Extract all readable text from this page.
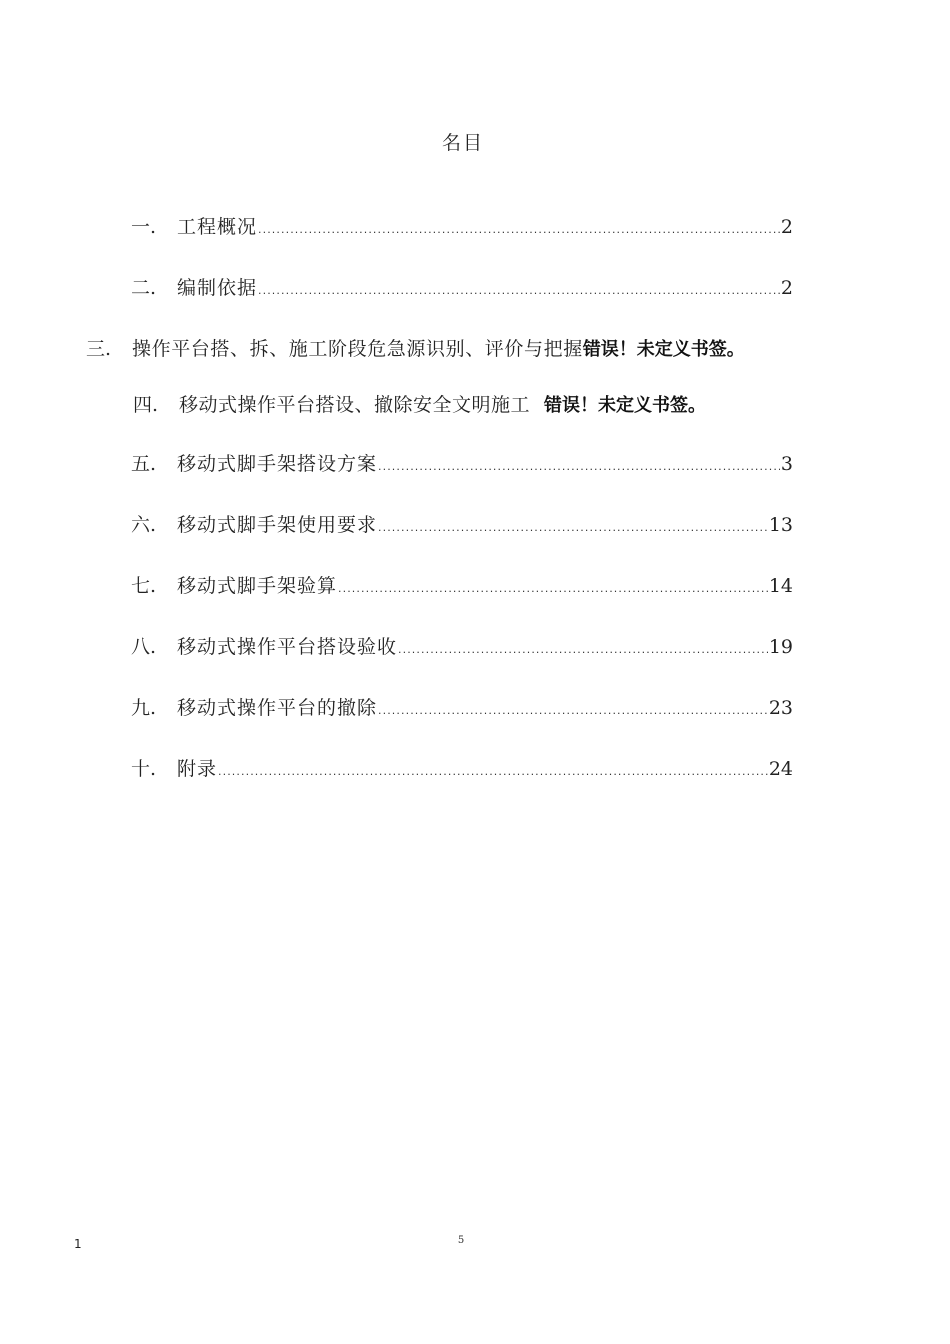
名目
一.	工程概况 .....	2
二.	编制依据 .....	2
三.	操作平台搭、拆、施工阶段危急源识别、评价与把握 错误！未定义书签。
四.	移动式操作平台搭设、撤除安全文明施工 错误！未定义书签。
五.	移动式脚手架搭设方案 .....	3
六.	移动式脚手架使用要求 .....	13
七.	移动式脚手架验算 .....	14
八.	移动式操作平台搭设验收 .....	19
九.	移动式操作平台的撤除 .....	23
十.	附录 .....	24
1	5
